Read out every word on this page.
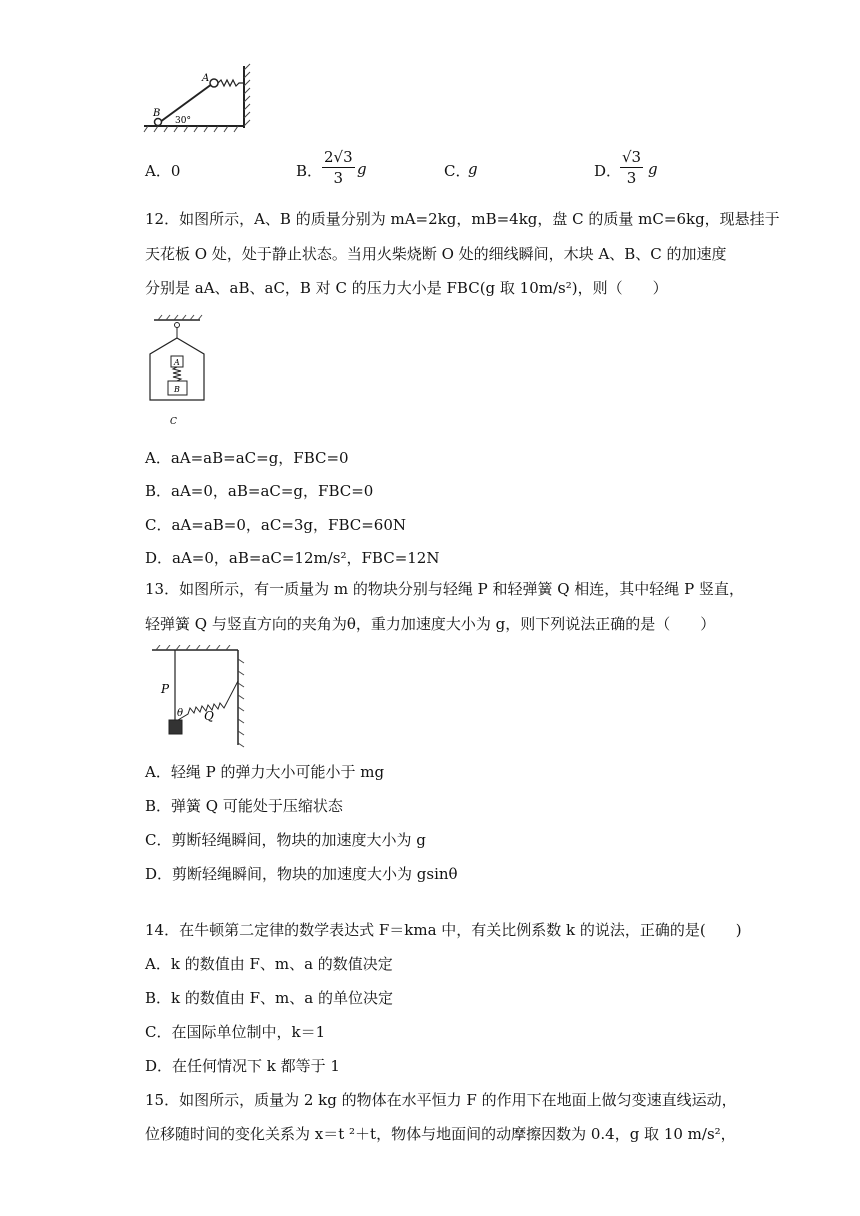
A
B
30°
A．0	B． $\frac{2√3}{3}$ g	C．
g	D．
$\frac{√3}{3}$ g
12．如图所示，A、B 的质量分别为 mA=2kg，mB=4kg，盘 C 的质量 mC=6kg，现悬挂于
天花板 O 处，处于静止状态。当用火柴烧断 O 处的细线瞬间，木块 A、B、C 的加速度
分别是 aA、aB、aC，B 对 C 的压力大小是 FBC(g 取 10m/s²)，则（　　）
A
B
C
A．aA=aB=aC=g，FBC=0
B．aA=0，aB=aC=g，FBC=0
C．aA=aB=0，aC=3g，FBC=60N
D．aA=0，aB=aC=12m/s²，FBC=12N
13．如图所示，有一质量为 m 的物块分别与轻绳 P 和轻弹簧 Q 相连，其中轻绳 P 竖直，
轻弹簧 Q 与竖直方向的夹角为θ，重力加速度大小为 g，则下列说法正确的是（　　）
P
Q
θ
A．轻绳 P 的弹力大小可能小于 mg
B．弹簧 Q 可能处于压缩状态
C．剪断轻绳瞬间，物块的加速度大小为 g
D．剪断轻绳瞬间，物块的加速度大小为 gsinθ
14．在牛顿第二定律的数学表达式 F＝kma 中，有关比例系数 k 的说法，正确的是(　　)
A．k 的数值由 F、m、a 的数值决定
B．k 的数值由 F、m、a 的单位决定
C．在国际单位制中，k＝1
D．在任何情况下 k 都等于 1
15．如图所示，质量为 2 kg 的物体在水平恒力 F 的作用下在地面上做匀变速直线运动，
位移随时间的变化关系为 x＝t ²＋t，物体与地面间的动摩擦因数为 0.4，g 取 10 m/s²，
